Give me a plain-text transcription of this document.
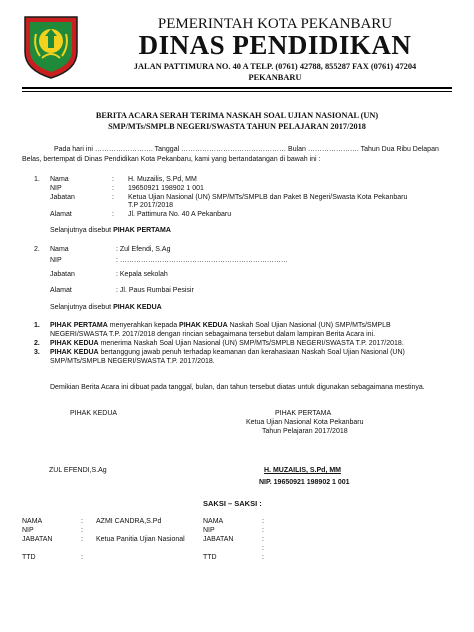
PEMERINTAH KOTA PEKANBARU
DINAS PENDIDIKAN
JALAN PATTIMURA NO. 40 A TELP. (0761) 42788, 855287 FAX (0761) 47204
PEKANBARU
BERITA ACARA SERAH TERIMA NASKAH SOAL UJIAN NASIONAL (UN)
SMP/MTs/SMPLB NEGERI/SWASTA TAHUN PELAJARAN 2017/2018
Pada hari ini ……………………. Tanggal ……………………………………… Bulan …………………. Tahun Dua Ribu Delapan
Belas, bertempat di Dinas Pendidikan Kota Pekanbaru, kami yang bertandatangan di bawah ini :
1. Nama	: H. Muzailis, S.Pd, MM
NIP	: 19650921 198902 1 001
Jabatan	: Ketua Ujian Nasional (UN) SMP/MTs/SMPLB dan Paket B Negeri/Swasta Kota Pekanbaru
T.P 2017/2018
Alamat	: Jl. Pattimura No. 40 A Pekanbaru
Selanjutnya disebut PIHAK PERTAMA
2. Nama	: Zul Efendi, S.Ag
NIP	: ………………………………………………………………
Jabatan	: Kepala sekolah
Alamat	: Jl. Paus Rumbai Pesisir
Selanjutnya disebut PIHAK KEDUA
1. PIHAK PERTAMA menyerahkan kepada PIHAK KEDUA Naskah Soal Ujian Nasional (UN) SMP/MTs/SMPLB
NEGERI/SWASTA T.P. 2017/2018 dengan rincian sebagaimana tersebut dalam lampiran Berita Acara ini.
2. PIHAK KEDUA menerima Naskah Soal Ujian Nasional (UN) SMP/MTs/SMPLB NEGERI/SWASTA T.P. 2017/2018.
3. PIHAK KEDUA bertanggung jawab penuh terhadap keamanan dan kerahasiaan Naskah Soal Ujian Nasional (UN)
SMP/MTs/SMPLB NEGERI/SWASTA T.P. 2017/2018.
Demikian Berita Acara ini dibuat pada tanggal, bulan, dan tahun tersebut diatas untuk digunakan sebagaimana mestinya.
PIHAK KEDUA	PIHAK PERTAMA
Ketua Ujian Nasional Kota Pekanbaru
Tahun Pelajaran 2017/2018
ZUL EFENDI,S.Ag	H. MUZAILIS, S.Pd, MM
NIP. 19650921 198902 1 001
SAKSI – SAKSI :
NAMA	: AZMI CANDRA,S.Pd
NIP	:
JABATAN	: Ketua Panitia Ujian Nasional
TTD	:
NAMA	:
NIP	:
JABATAN	:
:
TTD	:
